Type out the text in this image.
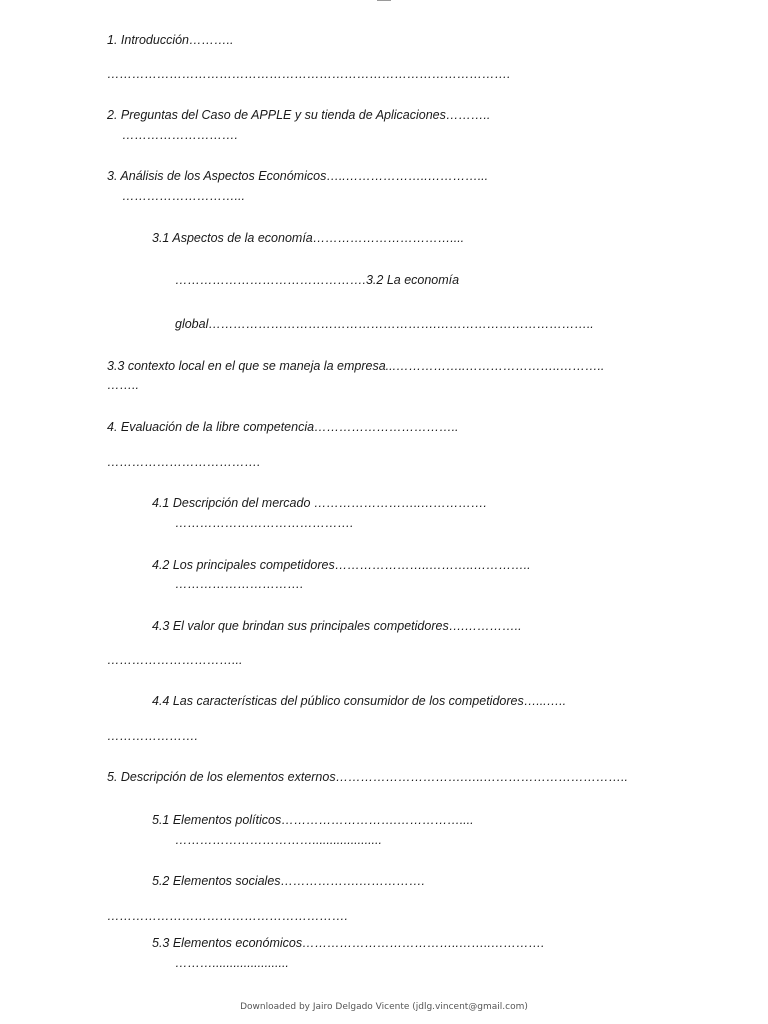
1. Introducción………..
…………………………………………………………………………………….
2. Preguntas del Caso de APPLE y su tienda de Aplicaciones………..
……………………….
3. Análisis de los Aspectos Económicos…..………………..…………...
………………………...
3.1 Aspectos de la economía……………………………....
……………………………………….3.2 La economía
global……………………………………………….………………………………..
3.3 contexto local en el que se maneja la empresa...……………..…………………..………..
……..
4. Evaluación de la libre competencia……………………………..
……………………………….
4.1 Descripción del mercado ……………………..…………….
…………………………………….
4.2 Los principales competidores…………………..………..…………..
………………………….
4.3 El valor que brindan sus principales competidores….…………..
…………………………...
4.4 Las características del público consumidor de los competidores…...…..
………………….
5. Descripción de los elementos externos………………………….…..……………………………..
5.1 Elementos políticos……………………….……………....
……………………………....................
5.2 Elementos sociales……………….…………….
………………………………………………….
5.3 Elementos económicos………………………………..……..………….
………......................
Downloaded by Jairo Delgado Vicente (jdlg.vincent@gmail.com)
